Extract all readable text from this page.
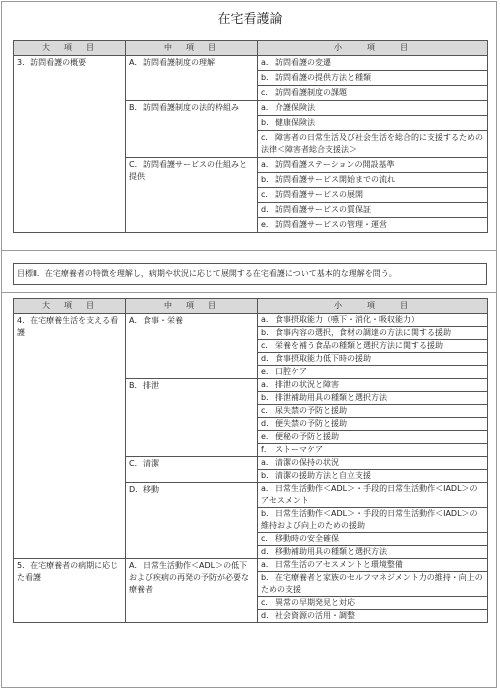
在宅看護論
大　項　目	中　項　目	小　　項　　目
3．訪問看護の概要	A．訪問看護制度の理解	a．訪問看護の変遷
		b．訪問看護の提供方法と種類
		c． 訪問看護制度の課題
	B．訪問看護制度の法的枠組み	a．介護保険法
		b．健康保険法
		c． 障害者の日常生活及び社会生活を総合的に支援するための法律＜障害者総合支援法＞
	C．訪問看護サービスの仕組みと提供	a．訪問看護ステーションの開設基準
		b．訪問看護サービス開始までの流れ
		c． 訪問看護サービスの展開
		d．訪問看護サービスの質保証
		e．訪問看護サービスの管理・運営
目標Ⅱ．在宅療養者の特徴を理解し，病期や状況に応じて展開する在宅看護について基本的な理解を問う。
大　項　目	中　項　目	小　　項　　目
4．在宅療養生活を支える看護	A．食事・栄養	a．食事摂取能力（嚥下・消化・吸収能力）
		b．食事内容の選択，食材の調達の方法に関する援助
		c． 栄養を補う食品の種類と選択方法に関する援助
		d．食事摂取能力低下時の援助
		e．口腔ケア
	B．排泄	a．排泄の状況と障害
		b．排泄補助用具の種類と選択方法
		c． 尿失禁の予防と援助
		d．便失禁の予防と援助
		e．便秘の予防と援助
		f． ストーマケア
	C．清潔	a．清潔の保持の状況
		b．清潔の援助方法と自立支援
	D．移動	a．日常生活動作＜ADL＞・手段的日常生活動作＜IADL＞のアセスメント
		b．日常生活動作＜ADL＞・手段的日常生活動作＜IADL＞の維持および向上のための援助
		c． 移動時の安全確保
		d．移動補助用具の種類と選択方法
5．在宅療養者の病期に応じた看護	A．日常生活動作＜ADL＞の低下および疾病の再発の予防が必要な療養者	a．日常生活のアセスメントと環境整備
		b．在宅療養者と家族のセルフマネジメント力の維持・向上のための支援
		c． 異常の早期発見と対応
		d．社会資源の活用・調整
